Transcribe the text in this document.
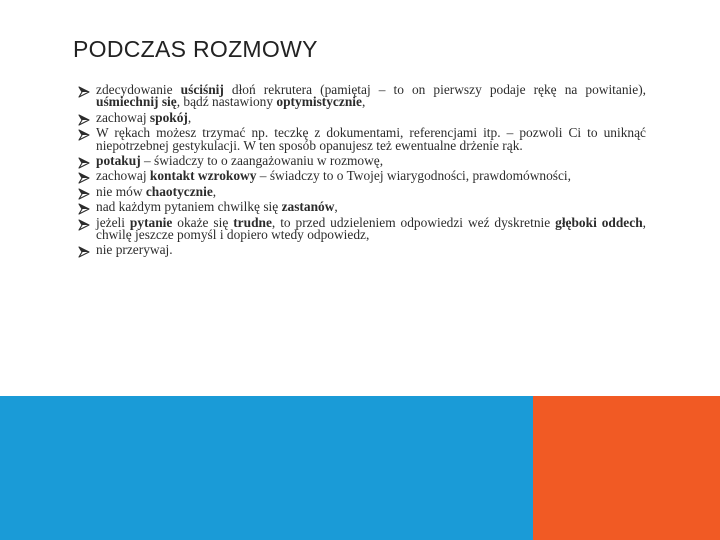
PODCZAS ROZMOWY
zdecydowanie uściśnij dłoń rekrutera (pamiętaj – to on pierwszy podaje rękę na powitanie), uśmiechnij się, bądź nastawiony optymistycznie,
zachowaj spokój,
W rękach możesz trzymać np. teczkę z dokumentami, referencjami itp. – pozwoli Ci to uniknąć niepotrzebnej gestykulacji. W ten sposób opanujesz też ewentualne drżenie rąk.
potakuj – świadczy to o zaangażowaniu w rozmowę,
zachowaj kontakt wzrokowy – świadczy to o Twojej wiarygodności, prawdomówności,
nie mów chaotycznie,
nad każdym pytaniem chwilkę się zastanów,
jeżeli pytanie okaże się trudne, to przed udzieleniem odpowiedzi weź dyskretnie głęboki oddech, chwilę jeszcze pomyśl i dopiero wtedy odpowiedz,
nie przerywaj.
